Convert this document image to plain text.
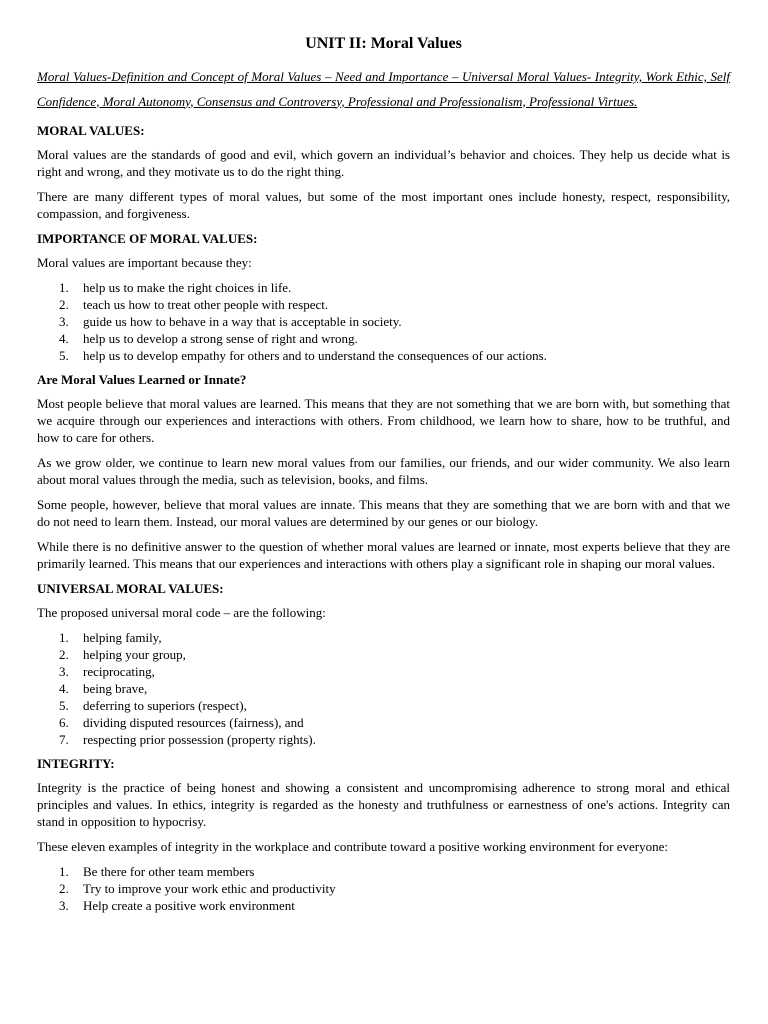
UNIT II: Moral Values
Moral Values-Definition and Concept of Moral Values – Need and Importance – Universal Moral Values- Integrity, Work Ethic, Self Confidence, Moral Autonomy, Consensus and Controversy, Professional and Professionalism, Professional Virtues.
MORAL VALUES:

Moral values are the standards of good and evil, which govern an individual’s behavior and choices. They help us decide what is right and wrong, and they motivate us to do the right thing.

There are many different types of moral values, but some of the most important ones include honesty, respect, responsibility, compassion, and forgiveness.

IMPORTANCE OF MORAL VALUES:

Moral values are important because they:

1.	help us to make the right choices in life.
2.	teach us how to treat other people with respect.
3.	guide us how to behave in a way that is acceptable in society.
4.	help us to develop a strong sense of right and wrong.
5.	help us to develop empathy for others and to understand the consequences of our actions.
Are Moral Values Learned or Innate?

Most people believe that moral values are learned. This means that they are not something that we are born with, but something that we acquire through our experiences and interactions with others. From childhood, we learn how to share, how to be truthful, and how to care for others.

As we grow older, we continue to learn new moral values from our families, our friends, and our wider community. We also learn about moral values through the media, such as television, books, and films.

Some people, however, believe that moral values are innate. This means that they are something that we are born with and that we do not need to learn them. Instead, our moral values are determined by our genes or our biology.

While there is no definitive answer to the question of whether moral values are learned or innate, most experts believe that they are primarily learned. This means that our experiences and interactions with others play a significant role in shaping our moral values.

UNIVERSAL MORAL VALUES:

The proposed universal moral code – are the following:

1.	helping family,
2.	helping your group,
3.	reciprocating,
4.	being brave,
5.	deferring to superiors (respect),
6.	dividing disputed resources (fairness), and
7.	respecting prior possession (property rights).
INTEGRITY:

Integrity is the practice of being honest and showing a consistent and uncompromising adherence to strong moral and ethical principles and values. In ethics, integrity is regarded as the honesty and truthfulness or earnestness of one's actions. Integrity can stand in opposition to hypocrisy.

These eleven examples of integrity in the workplace and contribute toward a positive working environment for everyone:

1.	Be there for other team members
2.	Try to improve your work ethic and productivity
3.	Help create a positive work environment
